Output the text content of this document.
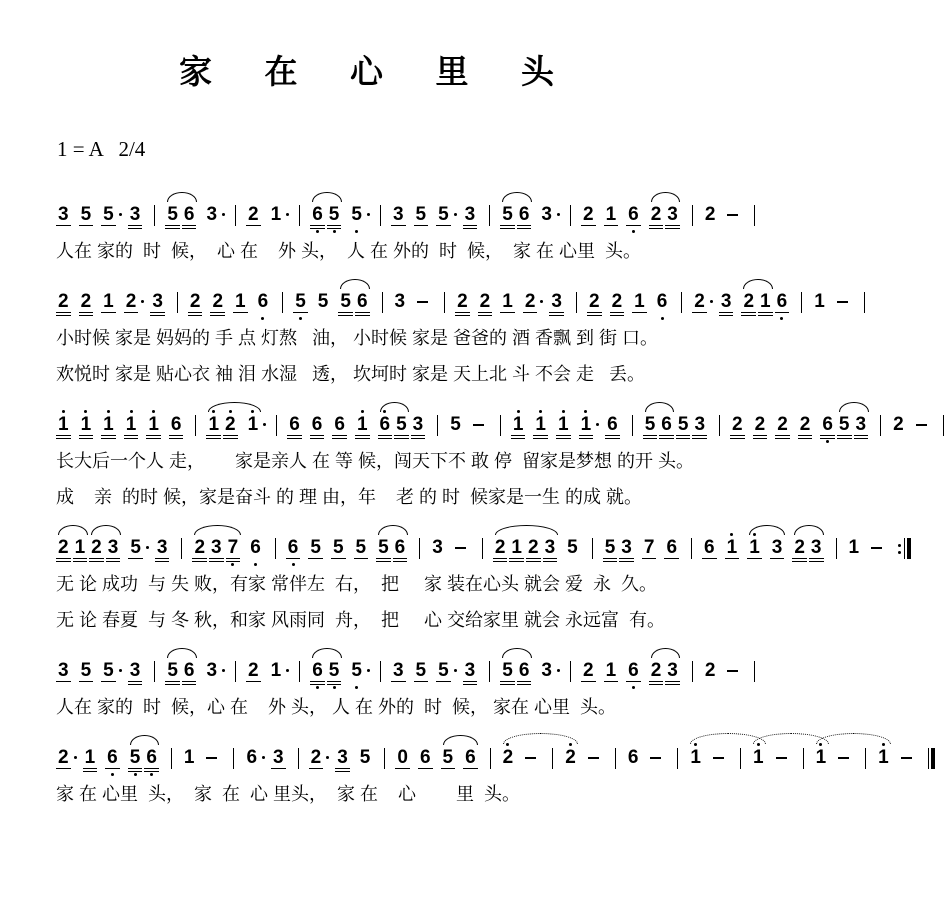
家  在  心  里  头
1 = A   2/4
3 5 5 3 5 6 3 2 1 6 5 5 3 5 5 3 5 6 3 2 1 6 2 3 2
人在 家的  时  候，  心 在    外 头，  人 在 外的  时  候，  家 在 心里  头。
2 2 1 2 3 2 2 1 6 5 5 5 6 3	2 2 1 2 3 2 2 1 6 2 3 2 1 6 1
小时候 家是 妈妈的 手 点 灯熬   油， 小时候 家是 爸爸的 酒 香飘 到 街 口。
欢悦时 家是 贴心衣 袖 泪 水湿   透， 坎坷时 家是 天上北 斗 不会 走   丢。
1 1 1 1 1 6 1 2 1 6 6 6 1 6 5 3 5	1 1 1 1 6 5 6 5 3 2 2 2 2 6 5 3 2
长大后一个人 走，      家是亲人 在 等 候，闯天下不 敢 停  留家是梦想 的开 头。
成    亲  的时 候，家是奋斗 的 理 由，年    老 的 时  候家是一生 的成 就。
2 1 2 3 5 3 2 3 7 6 6 5 5 5 5 6 3	2 1 2 3 5 5 3 7 6 6 1 1 3 2 3 1
无 论 成功  与 失 败，有家 常伴左  右，  把     家 装在心头 就会 爱  永  久。
无 论 春夏  与 冬 秋，和家 风雨同  舟，  把     心 交给家里 就会 永远富  有。
3 5 5 3 5 6 3 2 1 6 5 5 3 5 5 3 5 6 3 2 1 6 2 3 2
人在 家的  时  候，心 在    外 头， 人 在 外的  时  候， 家在 心里  头。
2 1 6 5 6 1	6 3 2 3 5 0 6 5 6 2	2	6	1	1	1	1
家 在 心里  头，  家  在  心 里头，  家 在    心        里  头。
